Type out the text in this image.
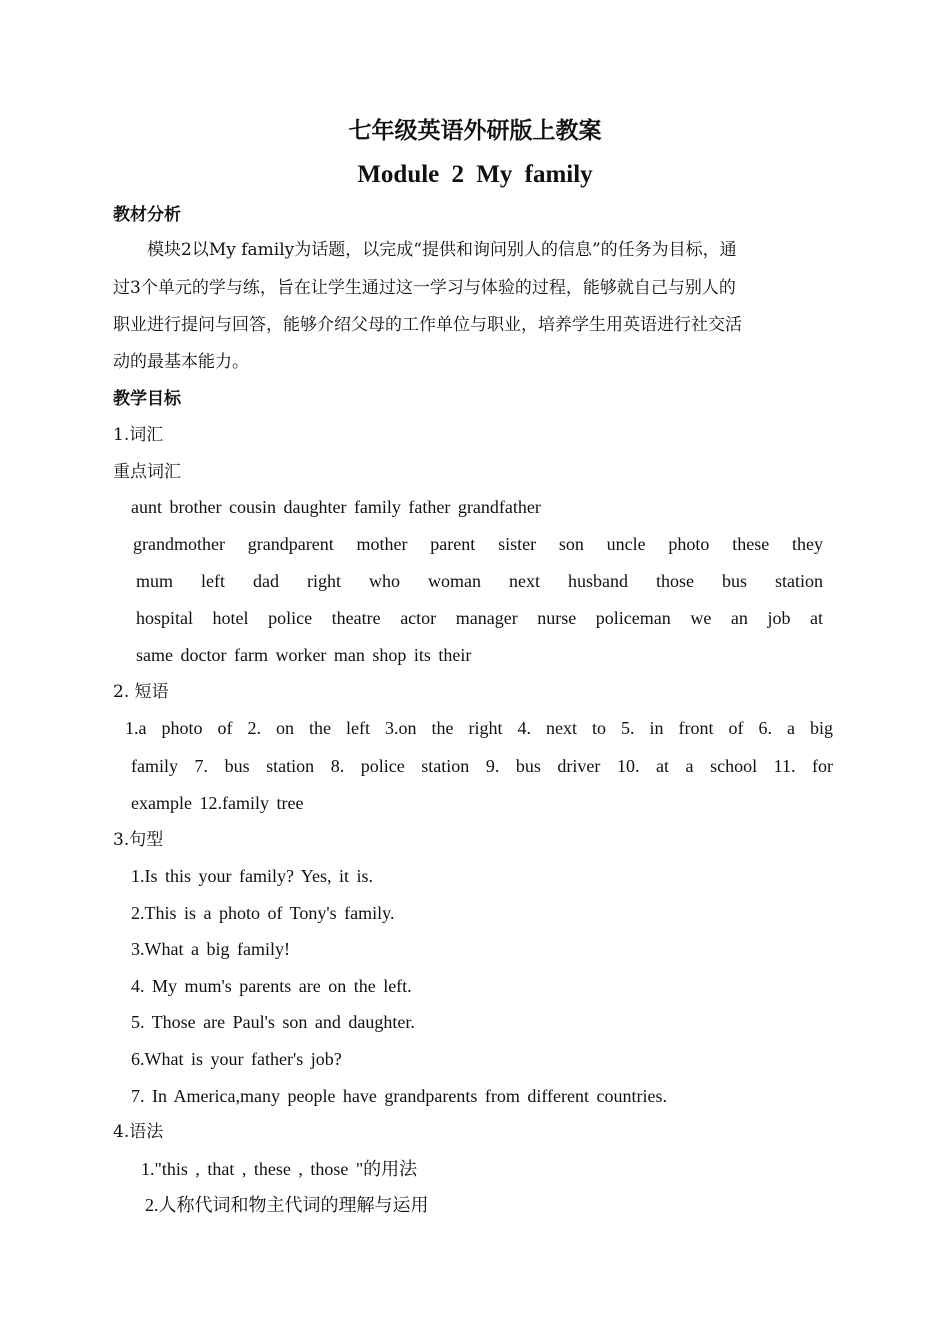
七年级英语外研版上教案
Module 2 My family
教材分析
　　模块2以My family为话题，以完成“提供和询问别人的信息”的任务为目标，通
过3个单元的学与练，旨在让学生通过这一学习与体验的过程，能够就自己与别人的
职业进行提问与回答，能够介绍父母的工作单位与职业，培养学生用英语进行社交活
动的最基本能力。
教学目标
1.词汇
重点词汇
aunt brother cousin daughter family father grandfather
grandmother grandparent mother parent sister son uncle photo these they
mum left dad right who woman next husband those bus station
hospital hotel police theatre actor manager nurse policeman we an job at
same doctor farm worker man shop its their
2. 短语
1.a photo of 2. on the left 3.on the right 4. next to 5. in front of 6. a big
family 7. bus station 8. police station 9. bus driver 10. at a school 11. for
example 12.family tree
3.句型
1.Is this your family? Yes, it is.
2.This is a photo of Tony's family.
3.What a big family!
4. My mum's parents are on the left.
5. Those are Paul's son and daughter.
6.What is your father's job?
7. In America,many people have grandparents from different countries.
4.语法
1."this , that , these , those "的用法
2.人称代词和物主代词的理解与运用
